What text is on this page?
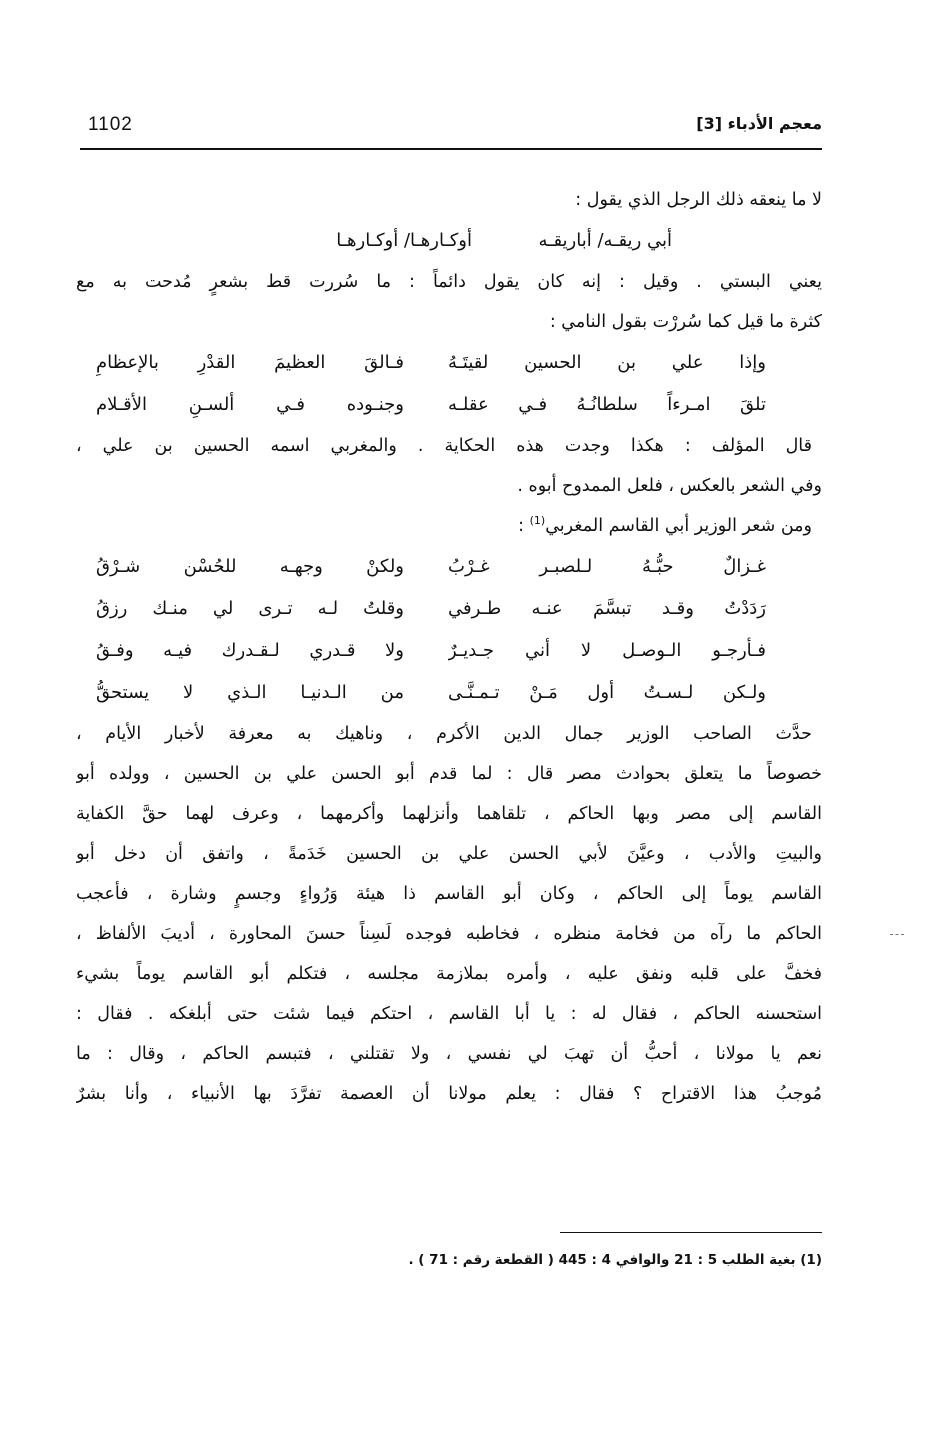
1102	معجم الأدباء [3]
لا ما ينعقه ذلك الرجل الذي يقول :
أبي ريقـه/ أباريقـه
أوكـارهـا/ أوكـارهـا
يعني البستي . وقيل : إنه كان يقول دائماً : ما سُررت قط بشعرٍ مُدحت به مع
كثرة ما قيل كما سُررْت بقول النامي :
وإذا علي بن الحسين لقيتَـهُ
فـالقَ العظيمَ القدْرِ بالإعظامِ
تلقَ امـرءاً سلطانُـهُ فـي عقلـه
وجنـوده فـي ألسـنِ الأقـلام
قال المؤلف : هكذا وجدت هذه الحكاية . والمغربي اسمه الحسين بن علي ،
وفي الشعر بالعكس ، فلعل الممدوح أبوه .
ومن شعر الوزير أبي القاسم المغربي$^{(1)}$ :
غـزالٌ حبُّـهُ لـلصبـر غـرْبُ
ولكنْ وجهـه للحُسْن شـرْقُ
رَدَدْتُ وقـد تبسَّمَ عنـه طـرفي
وقلتُ لـه تـرى لي منـك رزقُ
فـأرجـو الـوصـل لا أني جـديـرٌ
ولا قـدري لـقـدرك فيـه وفـقُ
ولـكن لـسـتُ أول مَـنْ تـمـنَّـى
من الـدنيـا الـذي لا يستحقُّ
حدَّث الصاحب الوزير جمال الدين الأكرم ، وناهيك به معرفة لأخبار الأيام ،
خصوصاً ما يتعلق بحوادث مصر قال : لما قدم أبو الحسن علي بن الحسين ، وولده أبو
القاسم إلى مصر وبها الحاكم ، تلقاهما وأنزلهما وأكرمهما ، وعرف لهما حقَّ الكفاية
والبيتِ والأدب ، وعيَّنَ لأبي الحسن علي بن الحسين خَدَمةً ، واتفق أن دخل أبو
القاسم يوماً إلى الحاكم ، وكان أبو القاسم ذا هيئة وَرُواءٍ وجسمٍ وشارة ، فأعجب
الحاكم ما رآه من فخامة منظره ، فخاطبه فوجده لَسِناً حسنَ المحاورة ، أديبَ الألفاظ ،
فخفَّ على قلبه ونفق عليه ، وأمره بملازمة مجلسه ، فتكلم أبو القاسم يوماً بشيء
استحسنه الحاكم ، فقال له : يا أبا القاسم ، احتكم فيما شئت حتى أبلغكه . فقال :
نعم يا مولانا ، أحبُّ أن تهبَ لي نفسي ، ولا تقتلني ، فتبسم الحاكم ، وقال : ما
مُوجبُ هذا الاقتراح ؟ فقال : يعلم مولانا أن العصمة تفرَّدَ بها الأنبياء ، وأنا بشرٌ
(1) بغية الطلب 5 : 21 والوافي 4 : 445 ( القطعة رقم : 71 ) .
